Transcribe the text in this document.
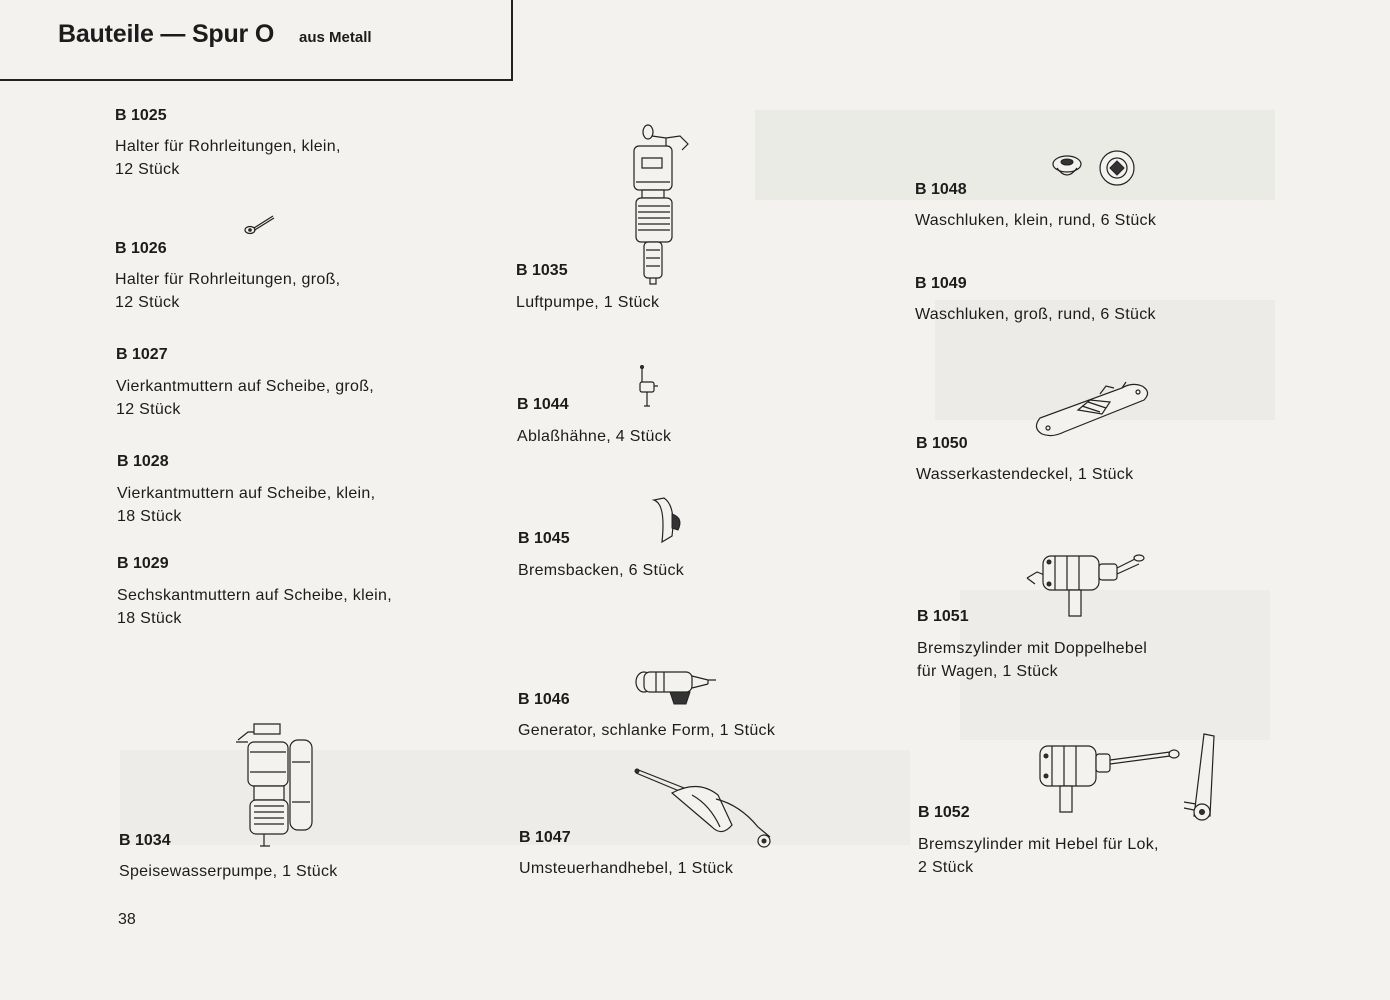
Bauteile — Spur O aus Metall
B 1025
Halter für Rohrleitungen, klein,
12 Stück
B 1026
Halter für Rohrleitungen, groß,
12 Stück
B 1027
Vierkantmuttern auf Scheibe, groß,
12 Stück
B 1028
Vierkantmuttern auf Scheibe, klein,
18 Stück
B 1029
Sechskantmuttern auf Scheibe, klein,
18 Stück
B 1034
Speisewasserpumpe, 1 Stück
38
B 1035
Luftpumpe, 1 Stück
B 1044
Ablaßhähne, 4 Stück
B 1045
Bremsbacken, 6 Stück
B 1046
Generator, schlanke Form, 1 Stück
B 1047
Umsteuerhandhebel, 1 Stück
B 1048
Waschluken, klein, rund, 6 Stück
B 1049
Waschluken, groß, rund, 6 Stück
B 1050
Wasserkastendeckel, 1 Stück
B 1051
Bremszylinder mit Doppelhebel
für Wagen, 1 Stück
B 1052
Bremszylinder mit Hebel für Lok,
2 Stück
